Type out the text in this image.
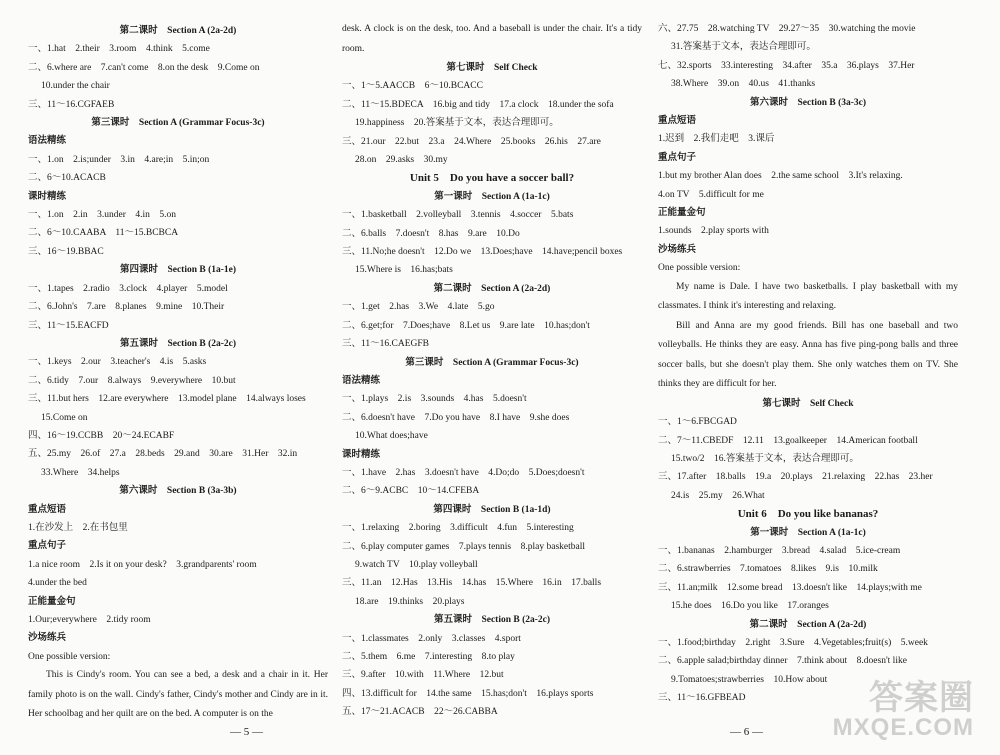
第二课时　Section A (2a-2d)
一、1.hat　2.their　3.room　4.think　5.come
二、6.where are　7.can't come　8.on the desk　9.Come on
10.under the chair
三、11～16.CGFAEB
第三课时　Section A (Grammar Focus-3c)
语法精练
一、1.on　2.is;under　3.in　4.are;in　5.in;on
二、6～10.ACACB
课时精练
一、1.on　2.in　3.under　4.in　5.on
二、6～10.CAABA　11～15.BCBCA
三、16～19.BBAC
第四课时　Section B (1a-1e)
一、1.tapes　2.radio　3.clock　4.player　5.model
二、6.John's　7.are　8.planes　9.mine　10.Their
三、11～15.EACFD
第五课时　Section B (2a-2c)
一、1.keys　2.our　3.teacher's　4.is　5.asks
二、6.tidy　7.our　8.always　9.everywhere　10.but
三、11.but hers　12.are everywhere　13.model plane　14.always loses
15.Come on
四、16～19.CCBB　20～24.ECABF
五、25.my　26.of　27.a　28.beds　29.and　30.are　31.Her　32.in
33.Where　34.helps
第六课时　Section B (3a-3b)
重点短语
1.在沙发上　2.在书包里
重点句子
1.a nice room　2.Is it on your desk?　3.grandparents' room
4.under the bed
正能量金句
1.Our;everywhere　2.tidy room
沙场练兵
One possible version:
This is Cindy's room. You can see a bed, a desk and a chair in it. Her family photo is on the wall. Cindy's father, Cindy's mother and Cindy are in it. Her schoolbag and her quilt are on the bed. A computer is on the
desk. A clock is on the desk, too. And a baseball is under the chair. It's a tidy room.
第七课时　Self Check
一、1～5.AACCB　6～10.BCACC
二、11～15.BDECA　16.big and tidy　17.a clock　18.under the sofa
19.happiness　20.答案基于文本，表达合理即可。
三、21.our　22.but　23.a　24.Where　25.books　26.his　27.are
28.on　29.asks　30.my
Unit 5　Do you have a soccer ball?
第一课时　Section A (1a-1c)
一、1.basketball　2.volleyball　3.tennis　4.soccer　5.bats
二、6.balls　7.doesn't　8.has　9.are　10.Do
三、11.No;he doesn't　12.Do we　13.Does;have　14.have;pencil boxes
15.Where is　16.has;bats
第二课时　Section A (2a-2d)
一、1.get　2.has　3.We　4.late　5.go
二、6.get;for　7.Does;have　8.Let us　9.are late　10.has;don't
三、11～16.CAEGFB
第三课时　Section A (Grammar Focus-3c)
语法精练
一、1.plays　2.is　3.sounds　4.has　5.doesn't
二、6.doesn't have　7.Do you have　8.I have　9.she does
10.What does;have
课时精练
一、1.have　2.has　3.doesn't have　4.Do;do　5.Does;doesn't
二、6～9.ACBC　10～14.CFEBA
第四课时　Section B (1a-1d)
一、1.relaxing　2.boring　3.difficult　4.fun　5.interesting
二、6.play computer games　7.plays tennis　8.play basketball
9.watch TV　10.play volleyball
三、11.an　12.Has　13.His　14.has　15.Where　16.in　17.balls
18.are　19.thinks　20.plays
第五课时　Section B (2a-2c)
一、1.classmates　2.only　3.classes　4.sport
二、5.them　6.me　7.interesting　8.to play
三、9.after　10.with　11.Where　12.but
四、13.difficult for　14.the same　15.has;don't　16.plays sports
五、17～21.ACACB　22～26.CABBA
六、27.75　28.watching TV　29.27～35　30.watching the movie
31.答案基于文本，表达合理即可。
七、32.sports　33.interesting　34.after　35.a　36.plays　37.Her
38.Where　39.on　40.us　41.thanks
第六课时　Section B (3a-3c)
重点短语
1.迟到　2.我们走吧　3.课后
重点句子
1.but my brother Alan does　2.the same school　3.It's relaxing.
4.on TV　5.difficult for me
正能量金句
1.sounds　2.play sports with
沙场练兵
One possible version:
My name is Dale. I have two basketballs. I play basketball with my classmates. I think it's interesting and relaxing.
Bill and Anna are my good friends. Bill has one baseball and two volleyballs. He thinks they are easy. Anna has five ping-pong balls and three soccer balls, but she doesn't play them. She only watches them on TV. She thinks they are difficult for her.
第七课时　Self Check
一、1～6.FBCGAD
二、7～11.CBEDF　12.11　13.goalkeeper　14.American football
15.two/2　16.答案基于文本，表达合理即可。
三、17.after　18.balls　19.a　20.plays　21.relaxing　22.has　23.her
24.is　25.my　26.What
Unit 6　Do you like bananas?
第一课时　Section A (1a-1c)
一、1.bananas　2.hamburger　3.bread　4.salad　5.ice-cream
二、6.strawberries　7.tomatoes　8.likes　9.is　10.milk
三、11.an;milk　12.some bread　13.doesn't like　14.plays;with me
15.he does　16.Do you like　17.oranges
第二课时　Section A (2a-2d)
一、1.food;birthday　2.right　3.Sure　4.Vegetables;fruit(s)　5.week
二、6.apple salad;birthday dinner　7.think about　8.doesn't like
9.Tomatoes;strawberries　10.How about
三、11～16.GFBEAD
— 5 —	— 6 —
答案圈
MXQE.COM
